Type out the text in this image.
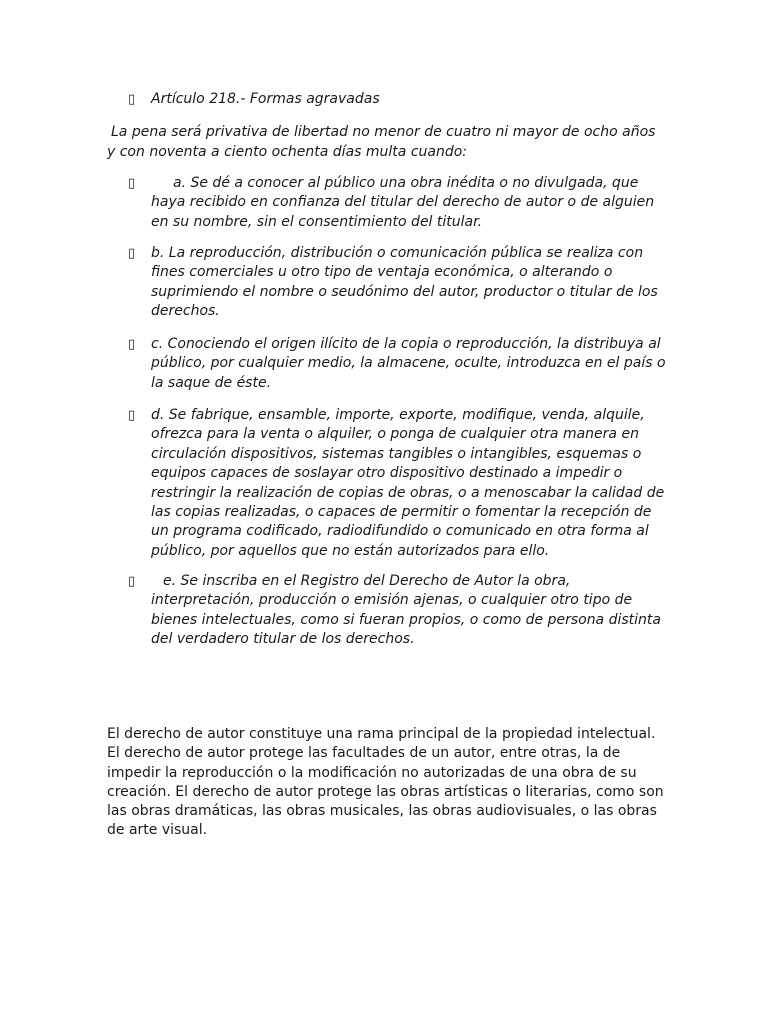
▯ Artículo 218.- Formas agravadas

La pena será privativa de libertad no menor de cuatro ni mayor de ocho años y con noventa a ciento ochenta días multa cuando:

▯	a. Se dé a conocer al público una obra inédita o no divulgada, que haya recibido en confianza del titular del derecho de autor o de alguien en su nombre, sin el consentimiento del titular.
▯ b. La reproducción, distribución o comunicación pública se realiza con fines comerciales u otro tipo de ventaja económica, o alterando o suprimiendo el nombre o seudónimo del autor, productor o titular de los derechos.
▯ c. Conociendo el origen ilícito de la copia o reproducción, la distribuya al público, por cualquier medio, la almacene, oculte, introduzca en el país o la saque de éste.
▯ d. Se fabrique, ensamble, importe, exporte, modifique, venda, alquile, ofrezca para la venta o alquiler, o ponga de cualquier otra manera en circulación dispositivos, sistemas tangibles o intangibles, esquemas o equipos capaces de soslayar otro dispositivo destinado a impedir o restringir la realización de copias de obras, o a menoscabar la calidad de las copias realizadas, o capaces de permitir o fomentar la recepción de un programa codificado, radiodifundido o comunicado en otra forma al público, por aquellos que no están autorizados para ello.
▯	e. Se inscriba en el Registro del Derecho de Autor la obra, interpretación, producción o emisión ajenas, o cualquier otro tipo de bienes intelectuales, como si fueran propios, o como de persona distinta del verdadero titular de los derechos.

El derecho de autor constituye una rama principal de la propiedad intelectual. El derecho de autor protege las facultades de un autor, entre otras, la de impedir la reproducción o la modificación no autorizadas de una obra de su creación. El derecho de autor protege las obras artísticas o literarias, como son las obras dramáticas, las obras musicales, las obras audiovisuales, o las obras de arte visual.
